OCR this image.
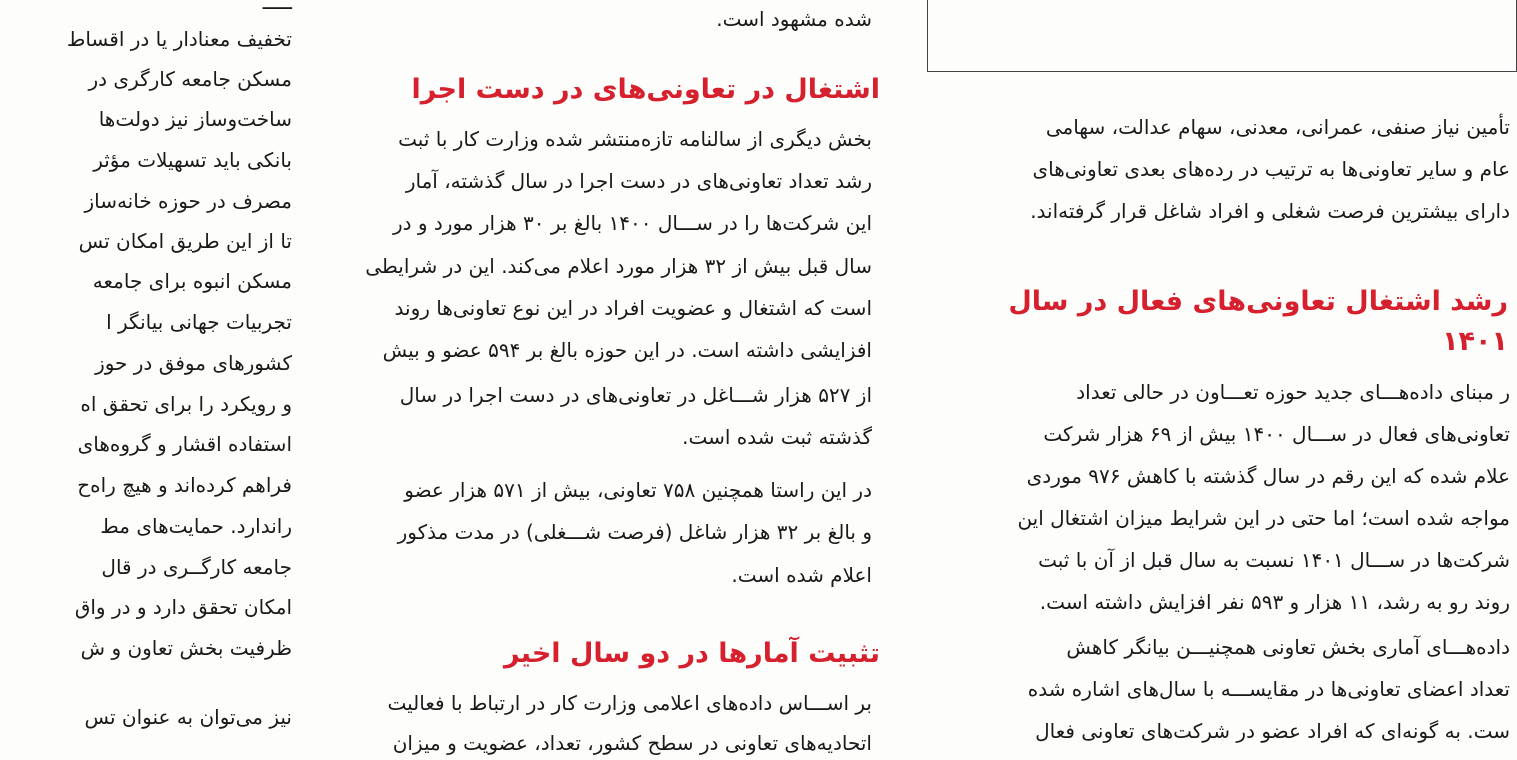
ـــــ
تخفیف معنادار یا در اقساط
مسکن جامعه کارگری در
ساخت‌وساز نیز دولت‌ها
بانکی باید تسهیلات مؤثر
مصرف در حوزه خانه‌ساز
تا از این طریق امکان تس
مسکن انبوه برای جامعه
تجربیات جهانی بیانگر ا
کشورهای موفق در حوز
و رویکرد را برای تحقق اه
استفاده اقشار و گروه‌های
فراهم کرده‌اند و هیچ راه‌ح
راندارد. حمایت‌های مط
جامعه کارگــری در قال
امکان تحقق دارد و در واق
ظرفیت بخش تعاون و ش
نیز می‌توان به عنوان تس
شده مشهود است.
اشتغال در تعاونی‌های در دست اجرا
بخش دیگری از سالنامه تازه‌منتشر شده وزارت کار با ثبت
رشد تعداد تعاونی‌های در دست اجرا در سال گذشته، آمار
این شرکت‌ها را در ســـال ۱۴۰۰ بالغ بر ۳۰ هزار مورد و در
سال قبل بیش از ۳۲ هزار مورد اعلام می‌کند. این در شرایطی
است که اشتغال و عضویت افراد در این نوع تعاونی‌ها روند
افزایشی داشته است. در این حوزه بالغ بر ۵۹۴ عضو و بیش
از ۵۲۷ هزار شـــاغل در تعاونی‌های در دست اجرا در سال
گذشته ثبت شده است.
در این راستا همچنین ۷۵۸ تعاونی، بیش از ۵۷۱ هزار عضو
و بالغ بر ۳۲ هزار شاغل (فرصت شـــغلی) در مدت مذکور
اعلام شده است.
تثبیت آمارها در دو سال اخیر
بر اســـاس داده‌های اعلامی وزارت کار در ارتباط با فعالیت
اتحادیه‌های تعاونی در سطح کشور، تعداد، عضویت و میزان
تأمین نیاز صنفی، عمرانی، معدنی، سهام عدالت، سهامی
عام و سایر تعاونی‌ها به ترتیب در رده‌های بعدی تعاونی‌های
دارای بیشترین فرصت شغلی و افراد شاغل قرار گرفته‌اند.
رشد اشتغال تعاونی‌های فعال در سال
۱۴۰۱
ر مبنای داده‌هـــای جدید حوزه تعـــاون در حالی تعداد
تعاونی‌های فعال در ســـال ۱۴۰۰ بیش از ۶۹ هزار شرکت
علام شده که این رقم در سال گذشته با کاهش ۹۷۶ موردی
مواجه شده است؛ اما حتی در این شرایط میزان اشتغال این
شرکت‌ها در ســـال ۱۴۰۱ نسبت به سال قبل از آن با ثبت
روند رو به رشد، ۱۱ هزار و ۵۹۳ نفر افزایش داشته است.
داده‌هـــای آماری بخش تعاونی همچنیـــن بیانگر کاهش
تعداد اعضای تعاونی‌ها در مقایســـه با سال‌های اشاره شده
ست. به گونه‌ای که افراد عضو در شرکت‌های تعاونی فعال
